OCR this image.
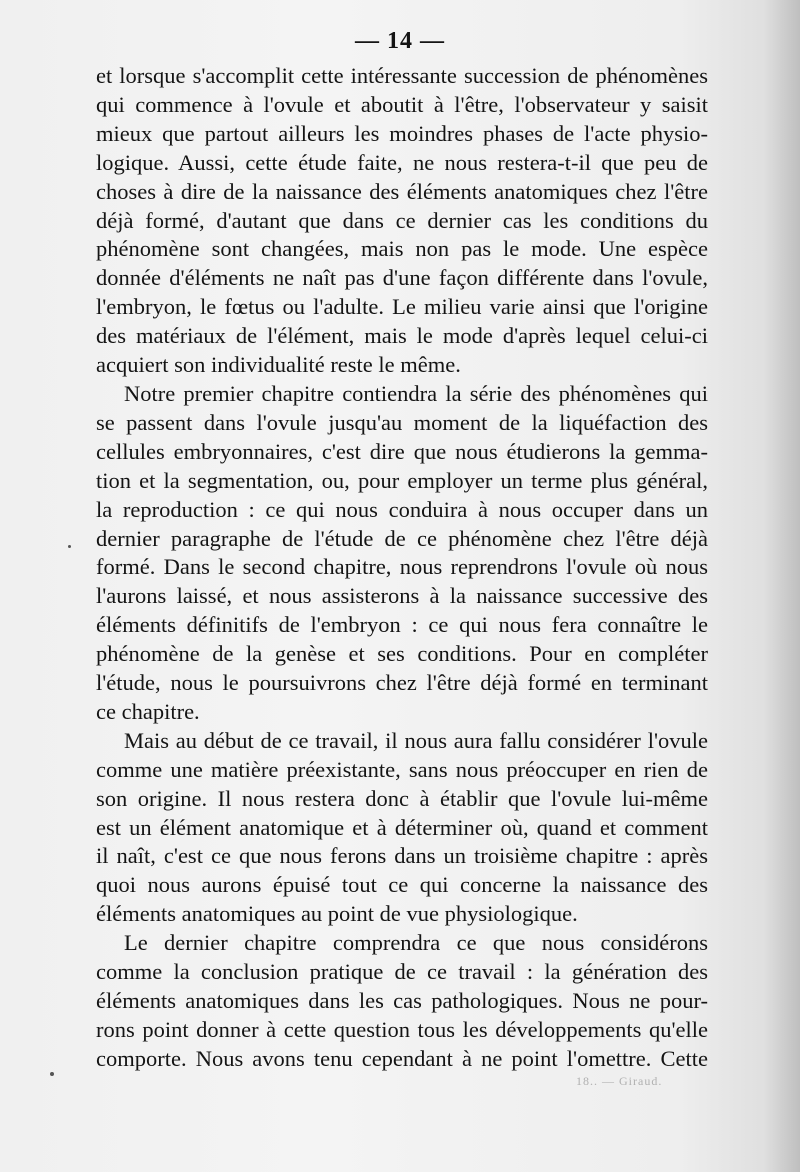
— 14 —
et lorsque s'accomplit cette intéressante succession de phénomènes
qui commence à l'ovule et aboutit à l'être, l'observateur y saisit
mieux que partout ailleurs les moindres phases de l'acte physio-
logique. Aussi, cette étude faite, ne nous restera-t-il que peu de
choses à dire de la naissance des éléments anatomiques chez l'être
déjà formé, d'autant que dans ce dernier cas les conditions du
phénomène sont changées, mais non pas le mode. Une espèce
donnée d'éléments ne naît pas d'une façon différente dans l'ovule,
l'embryon, le fœtus ou l'adulte. Le milieu varie ainsi que l'origine
des matériaux de l'élément, mais le mode d'après lequel celui-ci
acquiert son individualité reste le même.
Notre premier chapitre contiendra la série des phénomènes qui
se passent dans l'ovule jusqu'au moment de la liquéfaction des
cellules embryonnaires, c'est dire que nous étudierons la gemma-
tion et la segmentation, ou, pour employer un terme plus général,
la reproduction : ce qui nous conduira à nous occuper dans un
dernier paragraphe de l'étude de ce phénomène chez l'être déjà
formé. Dans le second chapitre, nous reprendrons l'ovule où nous
l'aurons laissé, et nous assisterons à la naissance successive des
éléments définitifs de l'embryon : ce qui nous fera connaître le
phénomène de la genèse et ses conditions. Pour en compléter
l'étude, nous le poursuivrons chez l'être déjà formé en terminant
ce chapitre.
Mais au début de ce travail, il nous aura fallu considérer l'ovule
comme une matière préexistante, sans nous préoccuper en rien de
son origine. Il nous restera donc à établir que l'ovule lui-même
est un élément anatomique et à déterminer où, quand et comment
il naît, c'est ce que nous ferons dans un troisième chapitre : après
quoi nous aurons épuisé tout ce qui concerne la naissance des
éléments anatomiques au point de vue physiologique.
Le dernier chapitre comprendra ce que nous considérons
comme la conclusion pratique de ce travail : la génération des
éléments anatomiques dans les cas pathologiques. Nous ne pour-
rons point donner à cette question tous les développements qu'elle
comporte. Nous avons tenu cependant à ne point l'omettre. Cette
18.. — Giraud.
